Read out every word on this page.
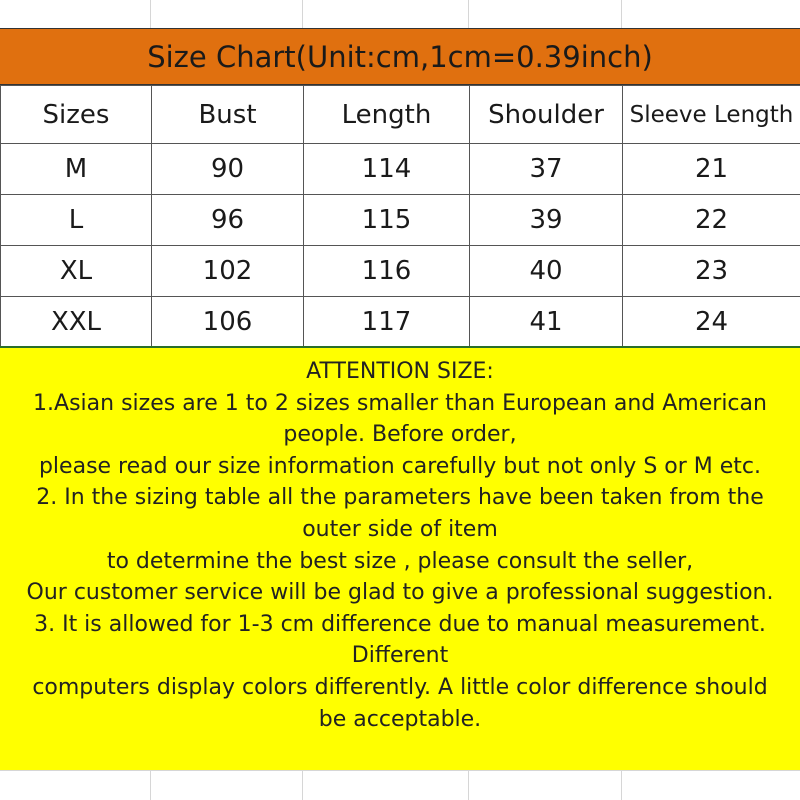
Size Chart(Unit:cm,1cm=0.39inch)
Sizes	Bust	Length	Shoulder	Sleeve Length
M	90	114	37	21
L	96	115	39	22
XL	102	116	40	23
XXL	106	117	41	24
ATTENTION SIZE:
1.Asian sizes are 1 to 2 sizes smaller than European and American
people. Before order,
please read our size information carefully but not only S or M etc.
2. In the sizing table all the parameters have been taken from the
outer side of item
to determine the best size , please consult the seller,
Our customer service will be glad to give a professional suggestion.
3. It is allowed for 1-3 cm difference due to manual measurement.
Different
computers display colors differently. A little color difference should
be acceptable.
